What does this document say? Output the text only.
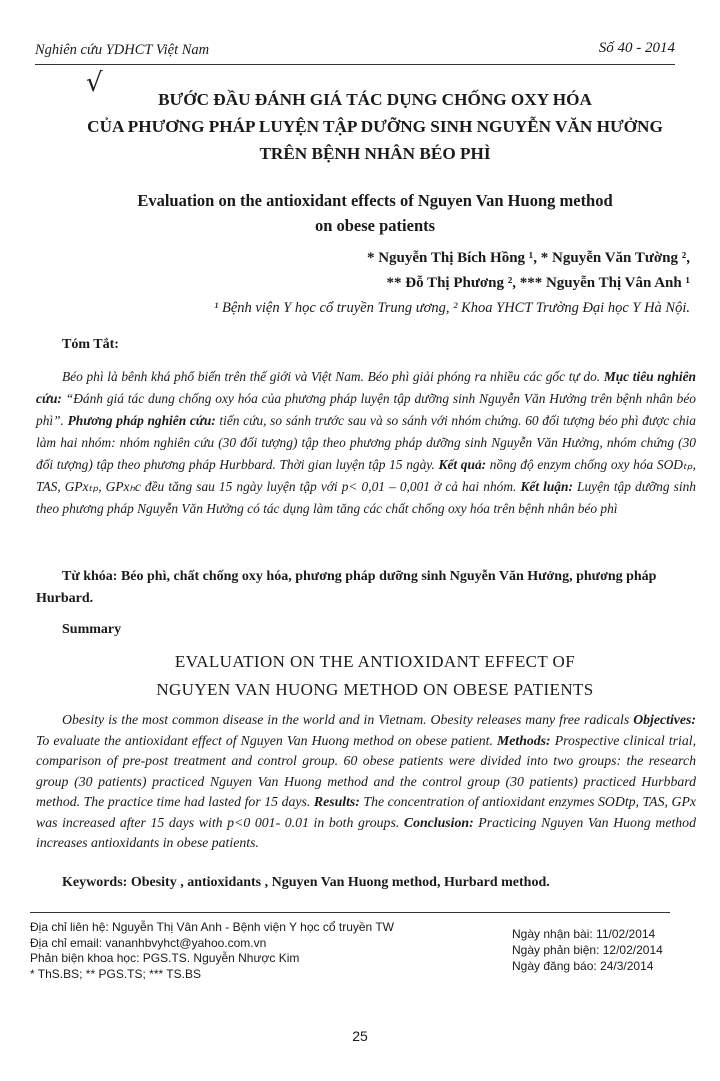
Nghiên cứu YDHCT Việt Nam	Số 40 - 2014
√
BƯỚC ĐẦU ĐÁNH GIÁ TÁC DỤNG CHỐNG OXY HÓA
CỦA PHƯƠNG PHÁP LUYỆN TẬP DƯỠNG SINH NGUYỄN VĂN HƯỞNG
TRÊN BỆNH NHÂN BÉO PHÌ
Evaluation on the antioxidant effects of Nguyen Van Huong method
on obese patients
* Nguyễn Thị Bích Hồng ¹, * Nguyễn Văn Tường ²,
** Đỗ Thị Phương ², *** Nguyễn Thị Vân Anh ¹
¹ Bệnh viện Y học cổ truyền Trung ương, ² Khoa YHCT Trường Đại học Y Hà Nội.
Tóm Tắt:
Béo phì là bênh khá phổ biến trên thế giới và Việt Nam. Béo phì giải phóng ra nhiều các gốc tự do. Mục tiêu nghiên cứu: “Đánh giá tác dung chống oxy hóa của phương pháp luyện tập dưỡng sinh Nguyễn Văn Hưởng trên bệnh nhân béo phì”. Phương pháp nghiên cứu: tiến cứu, so sánh trước sau và so sánh với nhóm chứng. 60 đối tượng béo phì được chia làm hai nhóm: nhóm nghiên cứu (30 đối tượng) tập theo phương pháp dưỡng sinh Nguyễn Văn Hưởng, nhóm chứng (30 đối tượng) tập theo phương pháp Hurbbard. Thời gian luyện tập 15 ngày. Kết quả: nồng độ enzym chống oxy hóa SODₜₚ, TAS, GPxₜₚ, GPxₕc đều tăng sau 15 ngày luyện tập với p< 0,01 – 0,001 ở cả hai nhóm. Kết luận: Luyện tập dưỡng sinh theo phương pháp Nguyễn Văn Hưởng có tác dụng làm tăng các chất chống oxy hóa trên bệnh nhân béo phì
Từ khóa: Béo phì, chất chống oxy hóa, phương pháp dưỡng sinh Nguyễn Văn Hưởng, phương pháp Hurbard.
Summary
EVALUATION ON THE ANTIOXIDANT EFFECT OF
NGUYEN VAN HUONG METHOD ON OBESE PATIENTS
Obesity is the most common disease in the world and in Vietnam. Obesity releases many free radicals Objectives: To evaluate the antioxidant effect of Nguyen Van Huong method on obese patient. Methods: Prospective clinical trial, comparison of pre-post treatment and control group. 60 obese patients were divided into two groups: the research group (30 patients) practiced Nguyen Van Huong method and the control group (30 patients) practiced Hurbbard method. The practice time had lasted for 15 days. Results: The concentration of antioxidant enzymes SODtp, TAS, GPx was increased after 15 days with p<0 001- 0.01 in both groups. Conclusion: Practicing Nguyen Van Huong method increases antioxidants in obese patients.
Keywords: Obesity , antioxidants , Nguyen Van Huong method, Hurbard method.
Địa chỉ liên hệ: Nguyễn Thị Vân Anh - Bệnh viện Y học cổ truyền TW
Địa chỉ email: vananhbvyhct@yahoo.com.vn
Phản biện khoa học: PGS.TS. Nguyễn Nhược Kim
* ThS.BS; ** PGS.TS; *** TS.BS
Ngày nhận bài: 11/02/2014
Ngày phản biện: 12/02/2014
Ngày đăng báo: 24/3/2014
25
